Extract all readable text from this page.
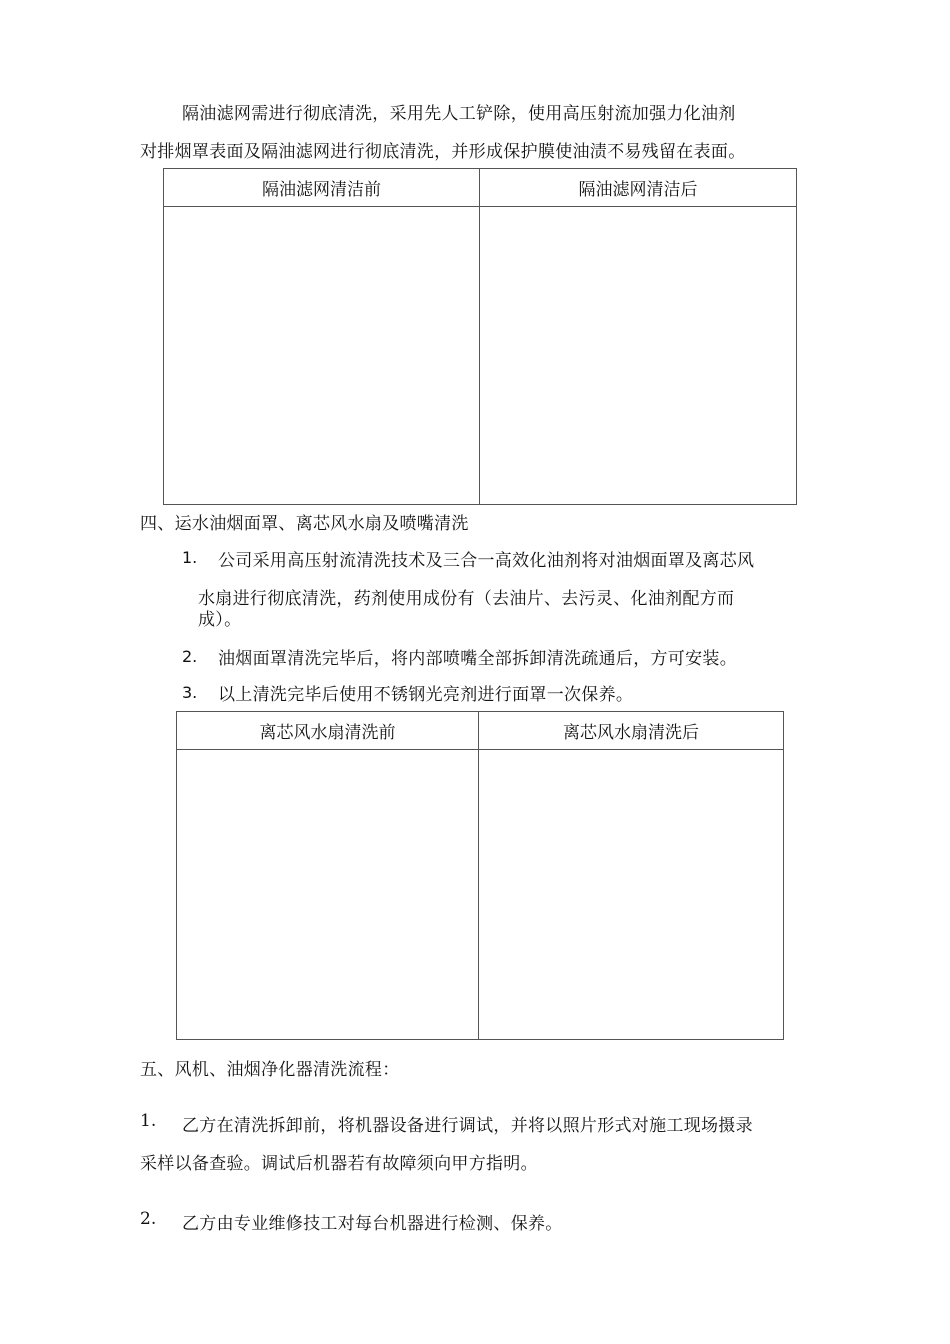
隔油滤网需进行彻底清洗，采用先人工铲除，使用高压射流加强力化油剂
对排烟罩表面及隔油滤网进行彻底清洗，并形成保护膜使油渍不易残留在表面。
隔油滤网清洁前	隔油滤网清洁后

四、运水油烟面罩、离芯风水扇及喷嘴清洗
1. 公司采用高压射流清洗技术及三合一高效化油剂将对油烟面罩及离芯风
水扇进行彻底清洗，药剂使用成份有（去油片、去污灵、化油剂配方而
成）。
2. 油烟面罩清洗完毕后，将内部喷嘴全部拆卸清洗疏通后，方可安装。
3. 以上清洗完毕后使用不锈钢光亮剂进行面罩一次保养。
离芯风水扇清洗前	离芯风水扇清洗后

五、风机、油烟净化器清洗流程：
1. 乙方在清洗拆卸前，将机器设备进行调试，并将以照片形式对施工现场摄录
采样以备查验。调试后机器若有故障须向甲方指明。
2. 乙方由专业维修技工对每台机器进行检测、保养。
